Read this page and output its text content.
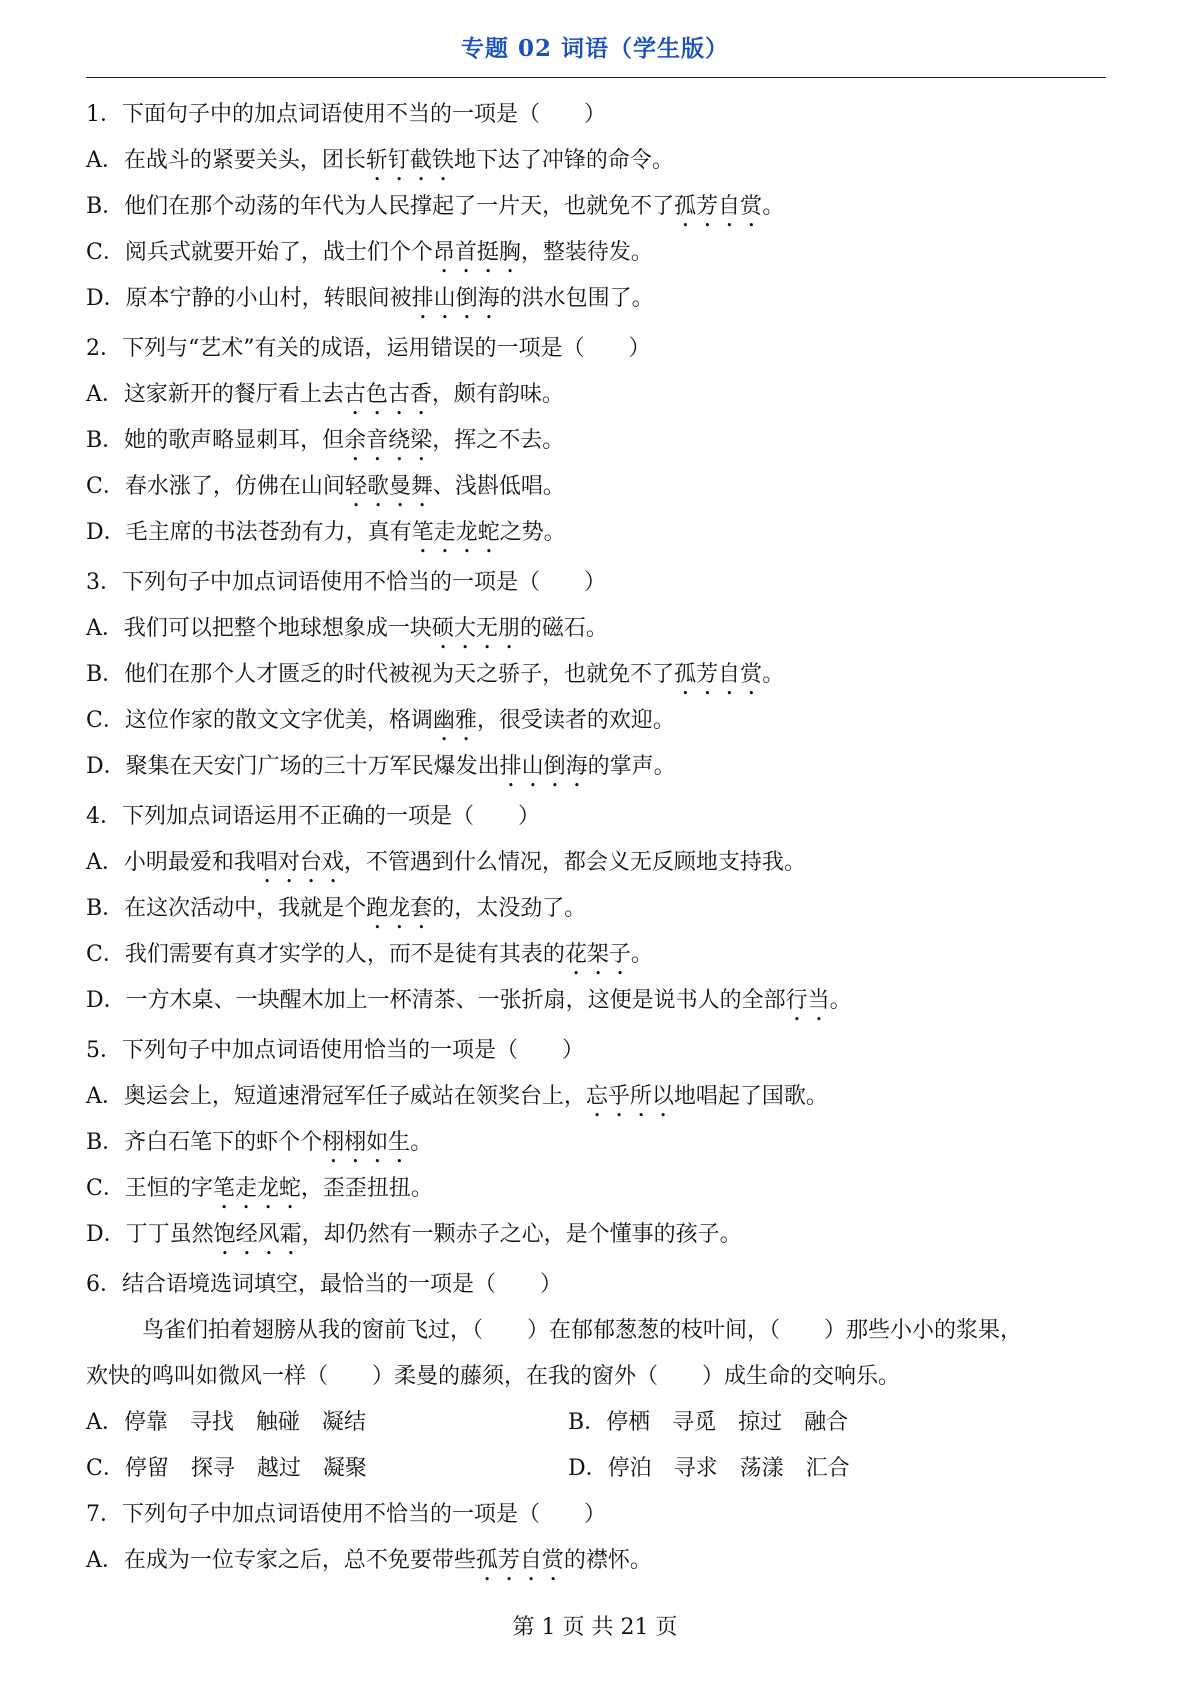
专题 02 词语（学生版）
1．下面句子中的加点词语使用不当的一项是（　　）
A．在战斗的紧要关头，团长斩钉截铁地下达了冲锋的命令。
B．他们在那个动荡的年代为人民撑起了一片天，也就免不了孤芳自赏。
C．阅兵式就要开始了，战士们个个昂首挺胸，整装待发。
D．原本宁静的小山村，转眼间被排山倒海的洪水包围了。
2．下列与“艺术”有关的成语，运用错误的一项是（　　）
A．这家新开的餐厅看上去古色古香，颇有韵味。
B．她的歌声略显刺耳，但余音绕梁，挥之不去。
C．春水涨了，仿佛在山间轻歌曼舞、浅斟低唱。
D．毛主席的书法苍劲有力，真有笔走龙蛇之势。
3．下列句子中加点词语使用不恰当的一项是（　　）
A．我们可以把整个地球想象成一块硕大无朋的磁石。
B．他们在那个人才匮乏的时代被视为天之骄子，也就免不了孤芳自赏。
C．这位作家的散文文字优美，格调幽雅，很受读者的欢迎。
D．聚集在天安门广场的三十万军民爆发出排山倒海的掌声。
4．下列加点词语运用不正确的一项是（　　）
A．小明最爱和我唱对台戏，不管遇到什么情况，都会义无反顾地支持我。
B．在这次活动中，我就是个跑龙套的，太没劲了。
C．我们需要有真才实学的人，而不是徒有其表的花架子。
D．一方木桌、一块醒木加上一杯清茶、一张折扇，这便是说书人的全部行当。
5．下列句子中加点词语使用恰当的一项是（　　）
A．奥运会上，短道速滑冠军任子威站在领奖台上，忘乎所以地唱起了国歌。
B．齐白石笔下的虾个个栩栩如生。
C．王恒的字笔走龙蛇，歪歪扭扭。
D．丁丁虽然饱经风霜，却仍然有一颗赤子之心，是个懂事的孩子。
6．结合语境选词填空，最恰当的一项是（　　）
鸟雀们拍着翅膀从我的窗前飞过，（　　）在郁郁葱葱的枝叶间，（　　）那些小小的浆果，
欢快的鸣叫如微风一样（　　）柔曼的藤须，在我的窗外（　　）成生命的交响乐。
A．停靠　寻找　触碰　凝结	B．停栖　寻觅　掠过　融合
C．停留　探寻　越过　凝聚	D．停泊　寻求　荡漾　汇合
7．下列句子中加点词语使用不恰当的一项是（　　）
A．在成为一位专家之后，总不免要带些孤芳自赏的襟怀。
第 1 页 共 21 页
